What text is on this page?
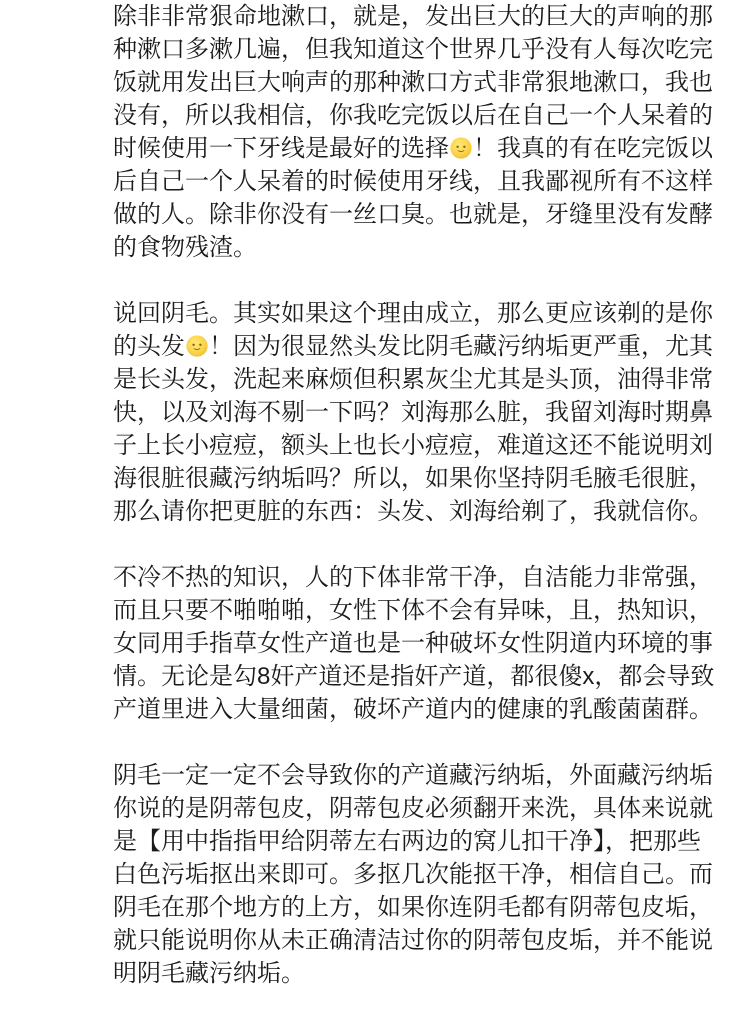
除非非常狠命地漱口，就是，发出巨大的巨大的声响的那种漱口多漱几遍，但我知道这个世界几乎没有人每次吃完饭就用发出巨大响声的那种漱口方式非常狠地漱口，我也没有，所以我相信，你我吃完饭以后在自己一个人呆着的时候使用一下牙线是最好的选择 ！我真的有在吃完饭以后自己一个人呆着的时候使用牙线，且我鄙视所有不这样做的人。除非你没有一丝口臭。也就是，牙缝里没有发酵的食物残渣。

说回阴毛。其实如果这个理由成立，那么更应该剃的是你的头发 ！因为很显然头发比阴毛藏污纳垢更严重，尤其是长头发，洗起来麻烦但积累灰尘尤其是头顶，油得非常快，以及刘海不剔一下吗？刘海那么脏，我留刘海时期鼻子上长小痘痘，额头上也长小痘痘，难道这还不能说明刘海很脏很藏污纳垢吗？所以，如果你坚持阴毛腋毛很脏，那么请你把更脏的东西：头发、刘海给剃了，我就信你。

不冷不热的知识，人的下体非常干净，自洁能力非常强，而且只要不啪啪啪，女性下体不会有异味，且，热知识，女同用手指草女性产道也是一种破坏女性阴道内环境的事情。无论是勾8奸产道还是指奸产道，都很傻x，都会导致产道里进入大量细菌，破坏产道内的健康的乳酸菌菌群。

阴毛一定一定不会导致你的产道藏污纳垢，外面藏污纳垢你说的是阴蒂包皮，阴蒂包皮必须翻开来洗，具体来说就是【用中指指甲给阴蒂左右两边的窝儿扣干净】，把那些白色污垢抠出来即可。多抠几次能抠干净，相信自己。而阴毛在那个地方的上方，如果你连阴毛都有阴蒂包皮垢，就只能说明你从未正确清洁过你的阴蒂包皮垢，并不能说明阴毛藏污纳垢。
